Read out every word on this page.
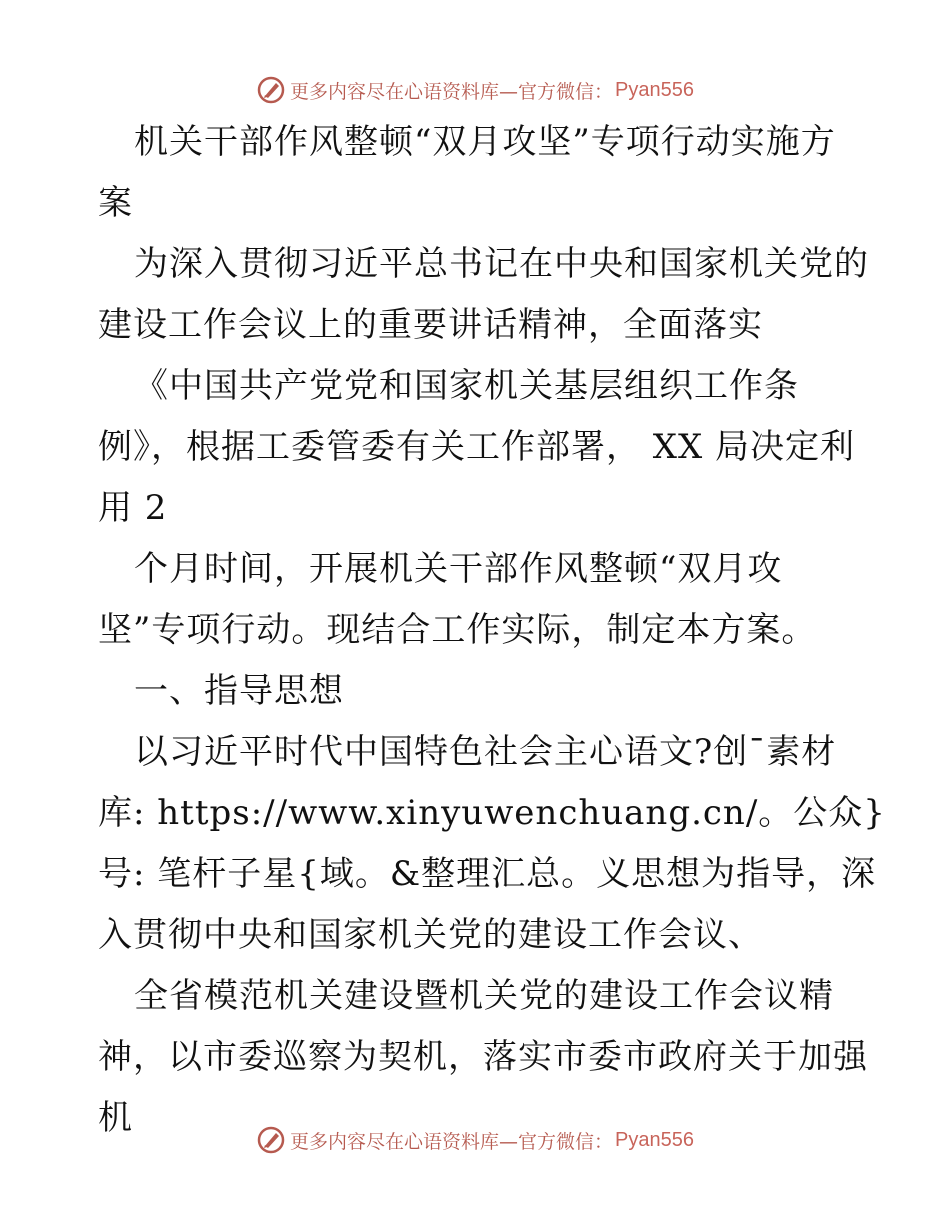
更多内容尽在心语资料库—官方微信： Pyan556
机关干部作风整顿“双月攻坚”专项行动实施方
案
为深入贯彻习近平总书记在中央和国家机关党的
建设工作会议上的重要讲话精神，全面落实
《中国共产党党和国家机关基层组织工作条
例》，根据工委管委有关工作部署， XX 局决定利
用 2
个月时间，开展机关干部作风整顿“双月攻
坚”专项行动。现结合工作实际，制定本方案。
一、指导思想
以习近平时代中国特色社会主心语文?创¯素材
库: https://www.xinyuwenchuang.cn/。公众}
号: 笔杆子星{域。&整理汇总。义思想为指导，深
入贯彻中央和国家机关党的建设工作会议、
全省模范机关建设暨机关党的建设工作会议精
神，以市委巡察为契机，落实市委市政府关于加强
机
更多内容尽在心语资料库—官方微信： Pyan556
